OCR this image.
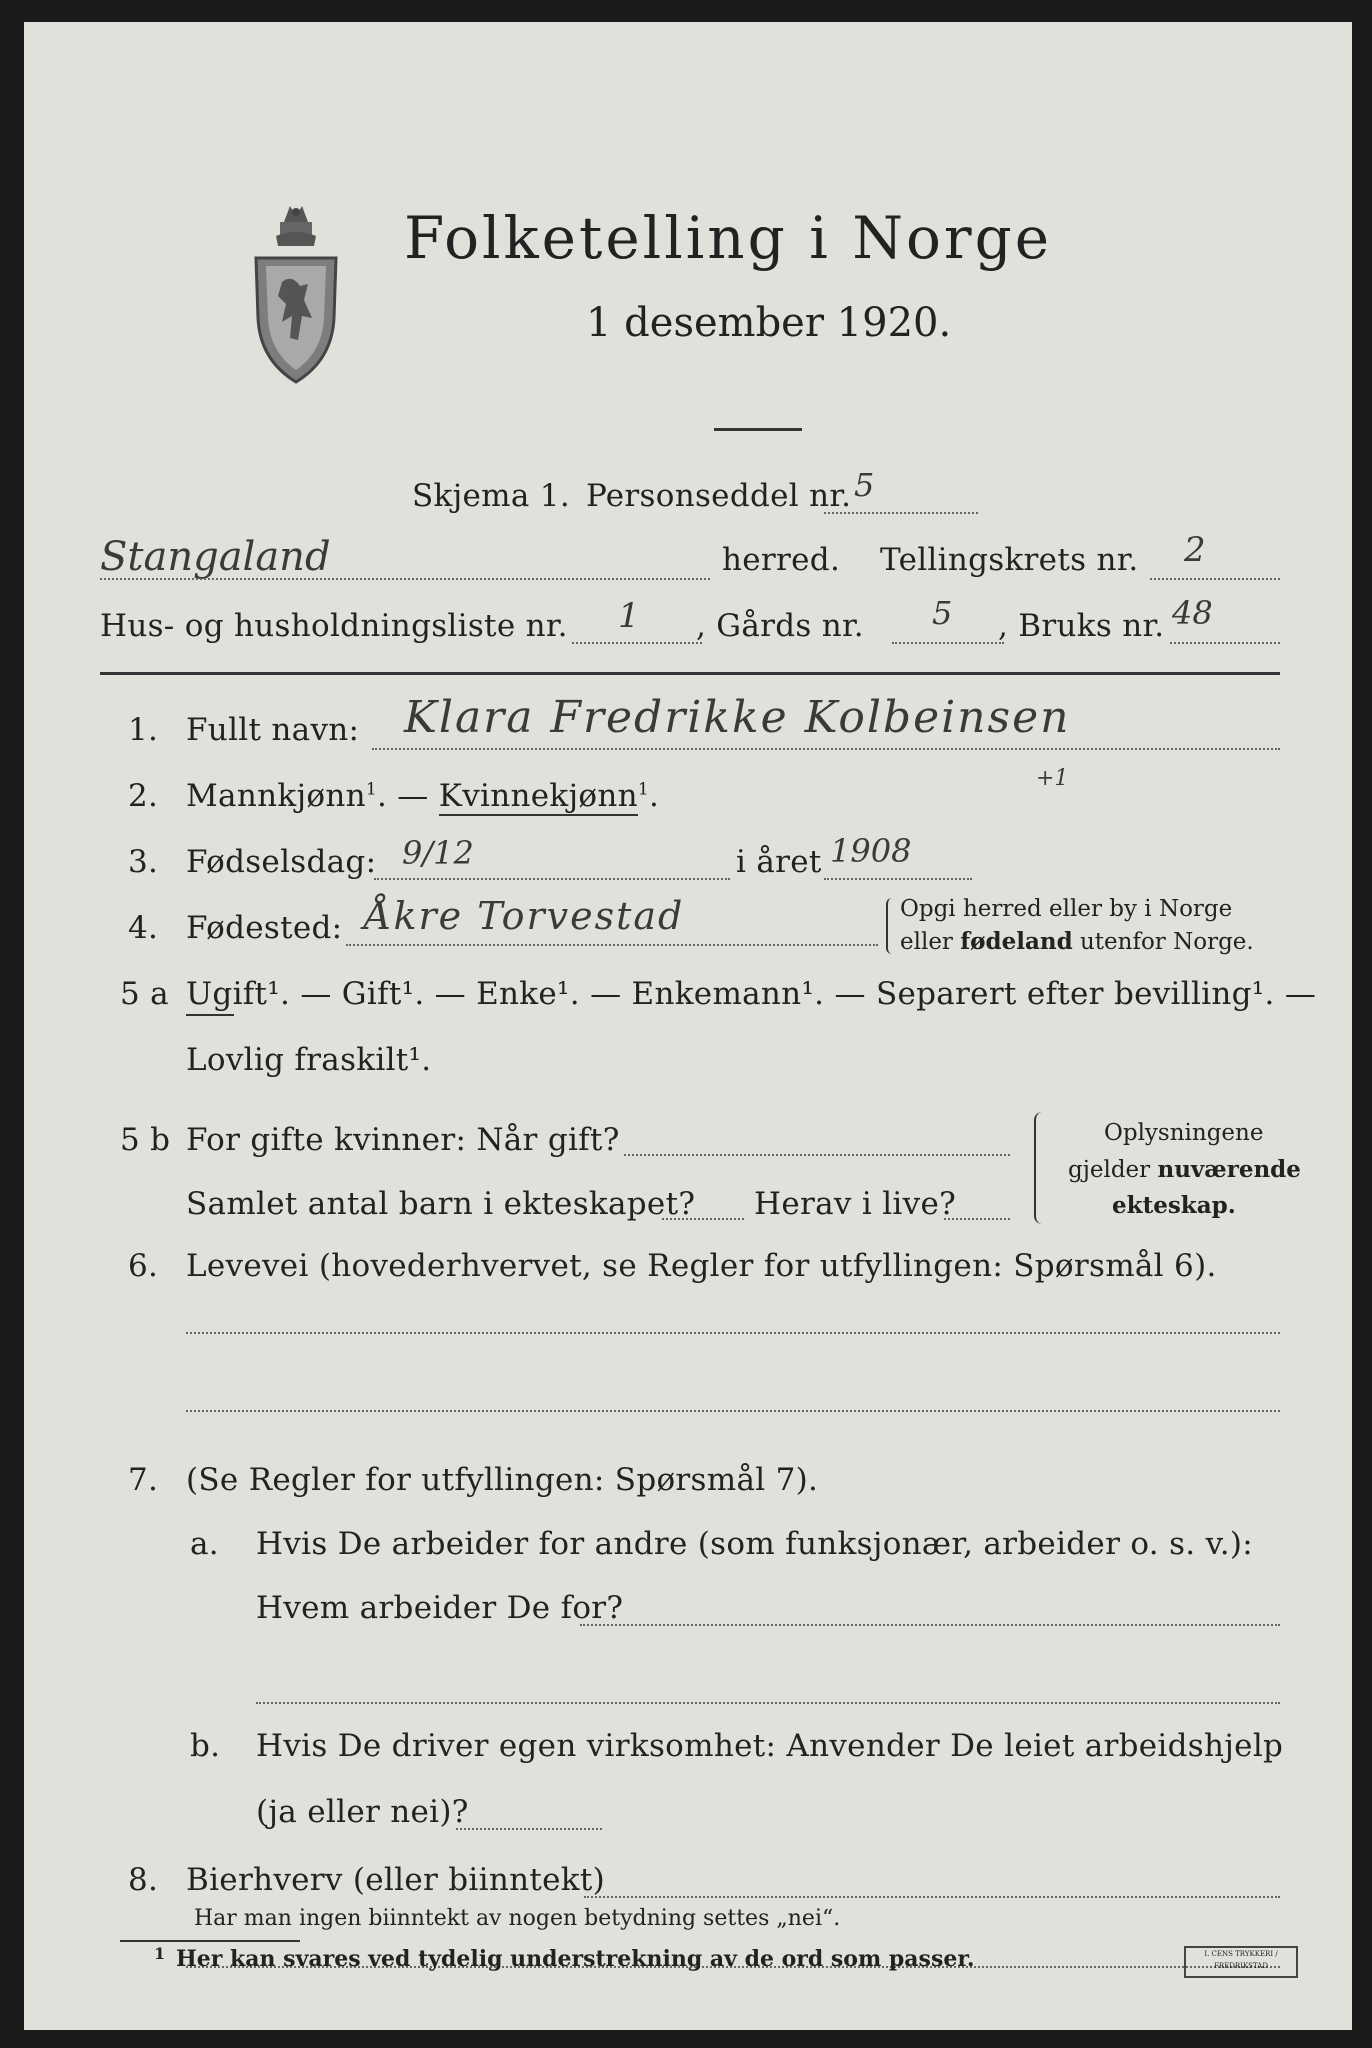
Folketelling i Norge
1 desember 1920.
Skjema 1. Personseddel nr. 5
Stangaland	herred. Tellingskrets nr. 2
Hus- og husholdningsliste nr. 1 , Gårds nr. 5 , Bruks nr. 48
1. Fullt navn: Klara Fredrikke Kolbeinsen
2. Mannkjønn$^1$. — Kvinnekjønn$^1$.	+1
3. Fødselsdag: 9/12	i året 1908
4. Fødested: Åkre Torvestad	Opgi herred eller by i Norge
eller fødeland utenfor Norge.
5 a Ugift¹. — Gift¹. — Enke¹. — Enkemann¹. — Separert efter bevilling¹. —
Lovlig fraskilt¹.
5 b For gifte kvinner: Når gift?
Samlet antal barn i ekteskapet? Herav i live?
Oplysningene
gjelder nuværende
ekteskap.
6. Levevei (hovederhvervet, se Regler for utfyllingen: Spørsmål 6).
7. (Se Regler for utfyllingen: Spørsmål 7).
a. Hvis De arbeider for andre (som funksjonær, arbeider o. s. v.):
Hvem arbeider De for?
b. Hvis De driver egen virksomhet: Anvender De leiet arbeidshjelp
(ja eller nei)?
8. Bierhverv (eller biinntekt)
Har man ingen biinntekt av nogen betydning settes „nei“.
1 Her kan svares ved tydelig understrekning av de ord som passer.	I. CENS TRYKKERI / FREDRIKSTAD
